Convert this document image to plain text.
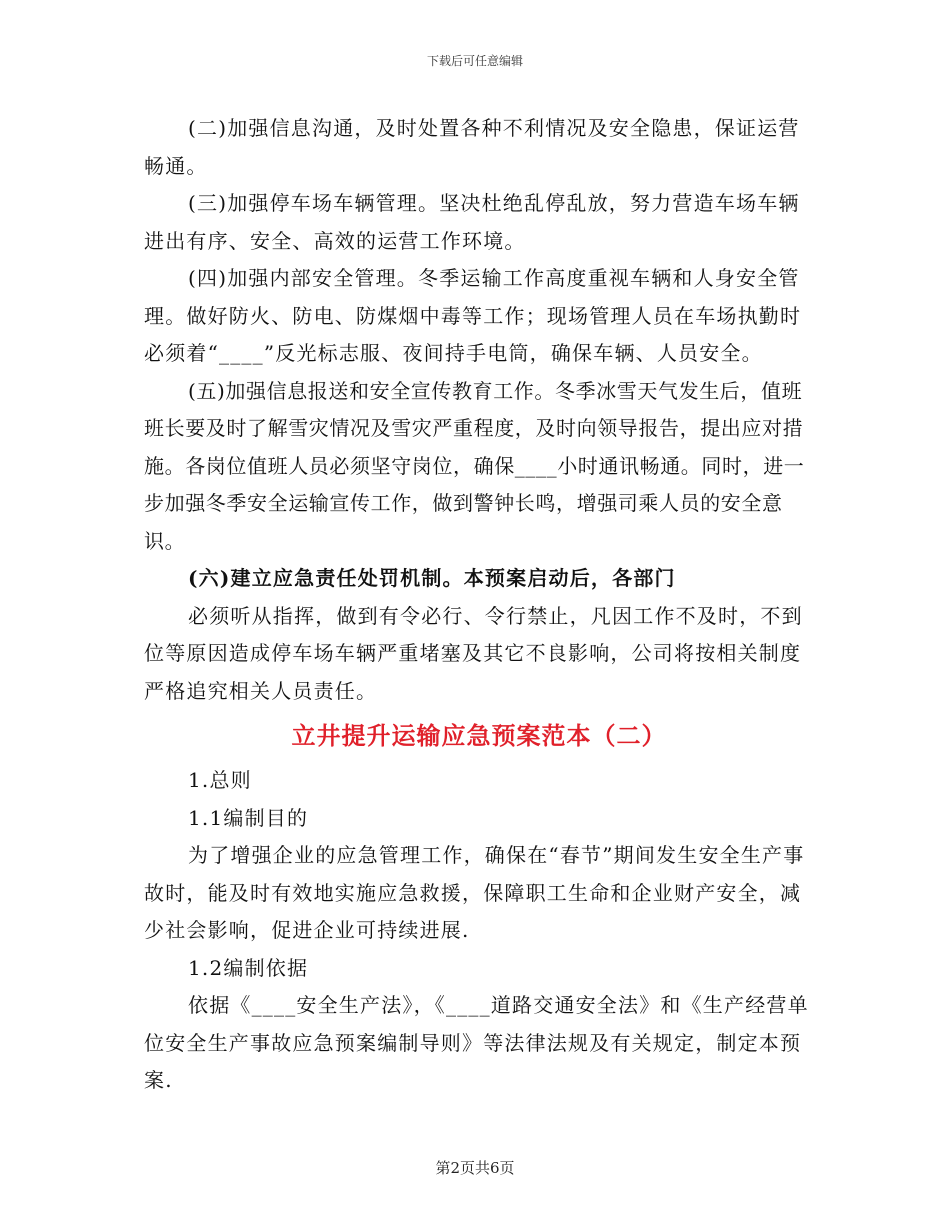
下载后可任意编辑

(二)加强信息沟通，及时处置各种不利情况及安全隐患，保证运营畅通。

(三)加强停车场车辆管理。坚决杜绝乱停乱放，努力营造车场车辆进出有序、安全、高效的运营工作环境。

(四)加强内部安全管理。冬季运输工作高度重视车辆和人身安全管理。做好防火、防电、防煤烟中毒等工作；现场管理人员在车场执勤时必须着“____”反光标志服、夜间持手电筒，确保车辆、人员安全。

(五)加强信息报送和安全宣传教育工作。冬季冰雪天气发生后，值班班长要及时了解雪灾情况及雪灾严重程度，及时向领导报告，提出应对措施。各岗位值班人员必须坚守岗位，确保____小时通讯畅通。同时，进一步加强冬季安全运输宣传工作，做到警钟长鸣，增强司乘人员的安全意识。

(六)建立应急责任处罚机制。本预案启动后，各部门

必须听从指挥，做到有令必行、令行禁止，凡因工作不及时，不到位等原因造成停车场车辆严重堵塞及其它不良影响，公司将按相关制度严格追究相关人员责任。

立井提升运输应急预案范本（二）

1.总则

1.1编制目的

为了增强企业的应急管理工作，确保在“春节”期间发生安全生产事故时，能及时有效地实施应急救援，保障职工生命和企业财产安全，减少社会影响，促进企业可持续进展.

1.2编制依据

依据《____安全生产法》，《____道路交通安全法》和《生产经营单位安全生产事故应急预案编制导则》等法律法规及有关规定，制定本预案.

第2页共6页
